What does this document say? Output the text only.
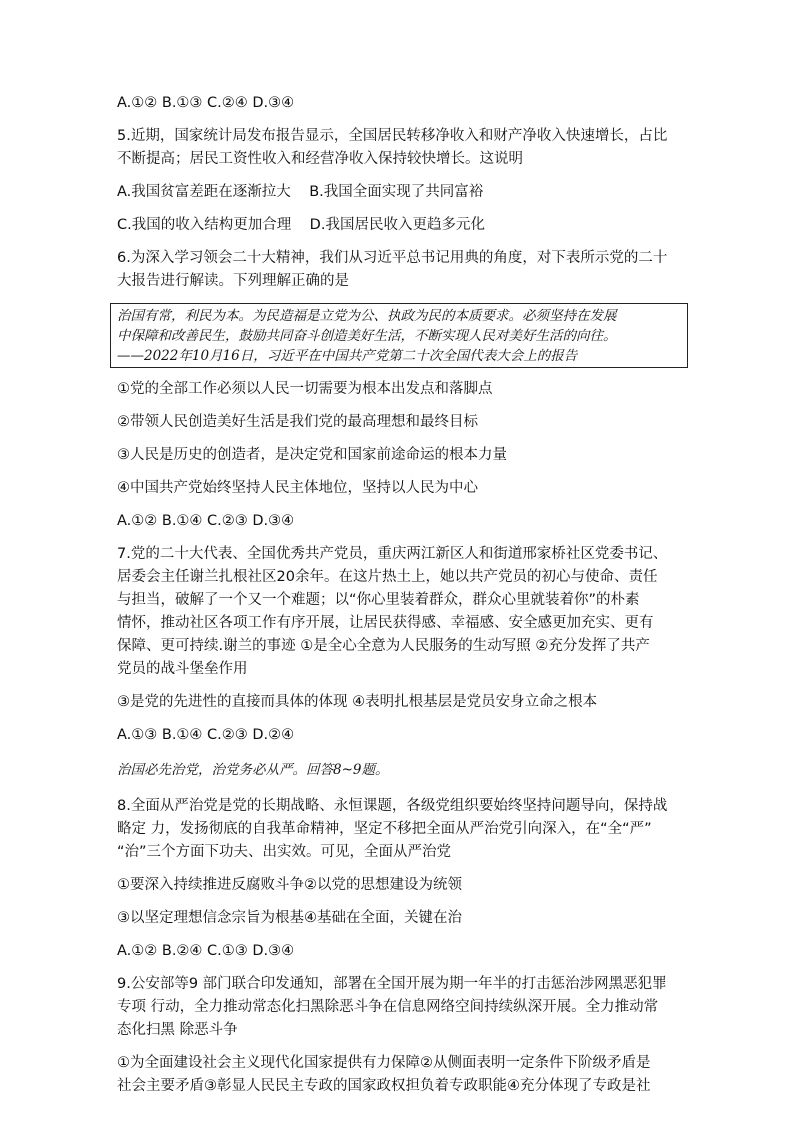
A.①② B.①③ C.②④ D.③④

5.近期，国家统计局发布报告显示，全国居民转移净收入和财产净收入快速增长，占比

不断提高；居民工资性收入和经营净收入保持较快增长。这说明

A.我国贫富差距在逐渐拉大 B.我国全面实现了共同富裕

C.我国的收入结构更加合理 D.我国居民收入更趋多元化

6.为深入学习领会二十大精神，我们从习近平总书记用典的角度，对下表所示党的二十

大报告进行解读。下列理解正确的是

治国有常，利民为本。为民造福是立党为公、执政为民的本质要求。必须坚持在发展

中保障和改善民生，鼓励共同奋斗创造美好生活，不断实现人民对美好生活的向往。

——2022年10月16日，习近平在中国共产党第二十次全国代表大会上的报告

①党的全部工作必须以人民一切需要为根本出发点和落脚点

②带领人民创造美好生活是我们党的最高理想和最终目标

③人民是历史的创造者，是决定党和国家前途命运的根本力量

④中国共产党始终坚持人民主体地位，坚持以人民为中心

A.①② B.①④ C.②③ D.③④

7.党的二十大代表、全国优秀共产党员，重庆两江新区人和街道邢家桥社区党委书记、

居委会主任谢兰扎根社区20余年。在这片热土上，她以共产党员的初心与使命、责任

与担当，破解了一个又一个难题；以“你心里装着群众，群众心里就装着你”的朴素

情怀，推动社区各项工作有序开展，让居民获得感、幸福感、安全感更加充实、更有

保障、更可持续.谢兰的事迹 ①是全心全意为人民服务的生动写照 ②充分发挥了共产

党员的战斗堡垒作用

③是党的先进性的直接而具体的体现 ④表明扎根基层是党员安身立命之根本

A.①③ B.①④ C.②③ D.②④

治国必先治党，治党务必从严。回答8~9题。

8.全面从严治党是党的长期战略、永恒课题，各级党组织要始终坚持问题导向，保持战

略定 力，发扬彻底的自我革命精神，坚定不移把全面从严治党引向深入，在“全“严”

“治”三个方面下功夫、出实效。可见，全面从严治党

①要深入持续推进反腐败斗争②以党的思想建设为统领

③以坚定理想信念宗旨为根基④基础在全面，关键在治

A.①② B.②④ C.①③ D.③④

9.公安部等9 部门联合印发通知，部署在全国开展为期一年半的打击惩治涉网黑恶犯罪

专项 行动，全力推动常态化扫黑除恶斗争在信息网络空间持续纵深开展。全力推动常

态化扫黑 除恶斗争

①为全面建设社会主义现代化国家提供有力保障②从侧面表明一定条件下阶级矛盾是

社会主要矛盾③彰显人民民主专政的国家政权担负着专政职能④充分体现了专政是社
